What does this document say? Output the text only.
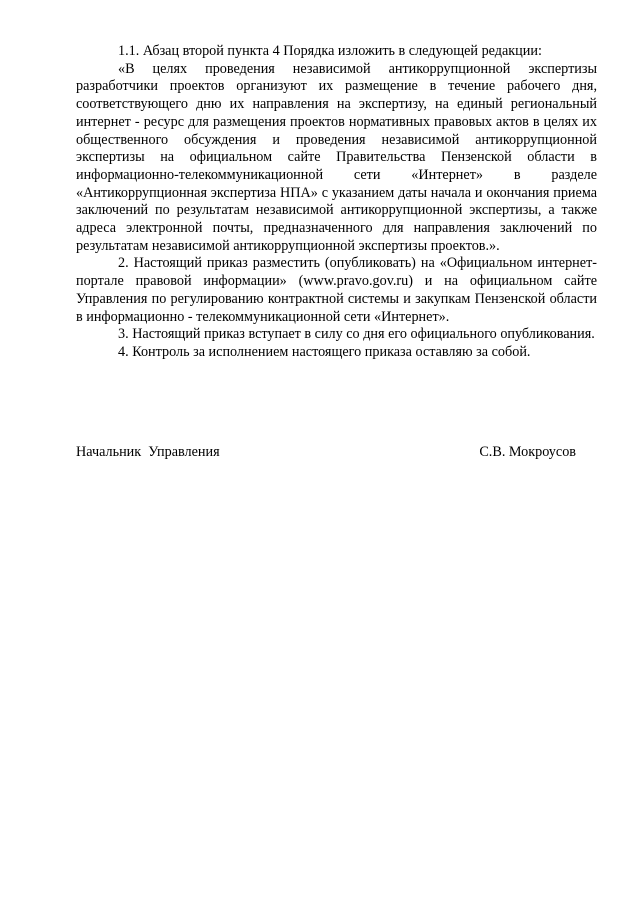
1.1. Абзац второй пункта 4 Порядка изложить в следующей редакции:

«В целях проведения независимой антикоррупционной экспертизы разработчики проектов организуют их размещение в течение рабочего дня, соответствующего дню их направления на экспертизу, на единый региональный интернет - ресурс для размещения проектов нормативных правовых актов в целях их общественного обсуждения и проведения независимой антикоррупционной экспертизы на официальном сайте Правительства Пензенской области в информационно-телекоммуникационной сети «Интернет» в разделе «Антикоррупционная экспертиза НПА» с указанием даты начала и окончания приема заключений по результатам независимой антикоррупционной экспертизы, а также адреса электронной почты, предназначенного для направления заключений по результатам независимой антикоррупционной экспертизы проектов.».

2. Настоящий приказ разместить (опубликовать) на «Официальном интернет-портале правовой информации» (www.pravo.gov.ru) и на официальном сайте Управления по регулированию контрактной системы и закупкам Пензенской области в информационно - телекоммуникационной сети «Интернет».

3. Настоящий приказ вступает в силу со дня его официального опубликования.

4. Контроль за исполнением настоящего приказа оставляю за собой.

Начальник  Управления	С.В. Мокроусов
